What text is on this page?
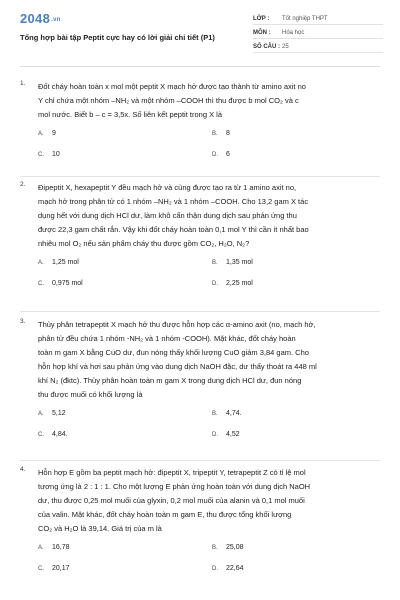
2048.vn
Tổng hợp bài tập Peptit cực hay có lời giải chi tiết (P1)
LỚP :	Tốt nghiệp THPT
MÔN :	Hóa học
SỐ CÂU : 25
1. Đốt cháy hoàn toàn x mol một peptit X mạch hở được tạo thành từ amino axit no
Y chỉ chứa một nhóm –NH₂ và một nhóm –COOH thì thu được b mol CO₂ và c
mol nước. Biết b – c = 3,5x. Số liên kết peptit trong X là
A. 9	B. 8
C. 10	D. 6
2. Đipeptit X, hexapeptit Y đều mạch hở và cùng được tạo ra từ 1 amino axit no,
mạch hở trong phân tử có 1 nhóm –NH₂ và 1 nhóm –COOH. Cho 13,2 gam X tác
dụng hết với dung dịch HCl dư, làm khô cẩn thận dung dịch sau phản ứng thu
được 22,3 gam chất rắn. Vậy khi đốt cháy hoàn toàn 0,1 mol Y thì cần ít nhất bao
nhiêu mol O₂ nếu sản phẩm cháy thu được gồm CO₂, H₂O, N₂?
A. 1,25 mol	B. 1,35 mol
C. 0,975 mol	D. 2,25 mol
3. Thủy phân tetrapeptit X mạch hở thu được hỗn hợp các α-amino axit (no, mạch hở,
phân tử đều chứa 1 nhóm -NH₂ và 1 nhóm -COOH). Mặt khác, đốt cháy hoàn
toàn m gam X bằng CuO dư, đun nóng thấy khối lượng CuO giảm 3,84 gam. Cho
hỗn hợp khí và hơi sau phản ứng vào dung dịch NaOH đặc, dư thấy thoát ra 448 ml
khí N₂ (đktc). Thủy phân hoàn toàn m gam X trong dung dịch HCl dư, đun nóng
thu được muối có khối lượng là
A. 5,12	B. 4,74.
C. 4,84.	D. 4,52
4. Hỗn hợp E gồm ba peptit mạch hở: đipeptit X, tripeptit Y, tetrapeptit Z có tỉ lệ mol
tương ứng là 2 : 1 : 1. Cho một lượng E phản ứng hoàn toàn với dung dịch NaOH
dư, thu được 0,25 mol muối của glyxin, 0,2 mol muối của alanin và 0,1 mol muối
của valin. Mặt khác, đốt cháy hoàn toàn m gam E, thu được tổng khối lượng
CO₂ và H₂O là 39,14. Giá trị của m là
A. 16,78	B. 25,08
C. 20,17	D. 22,64
